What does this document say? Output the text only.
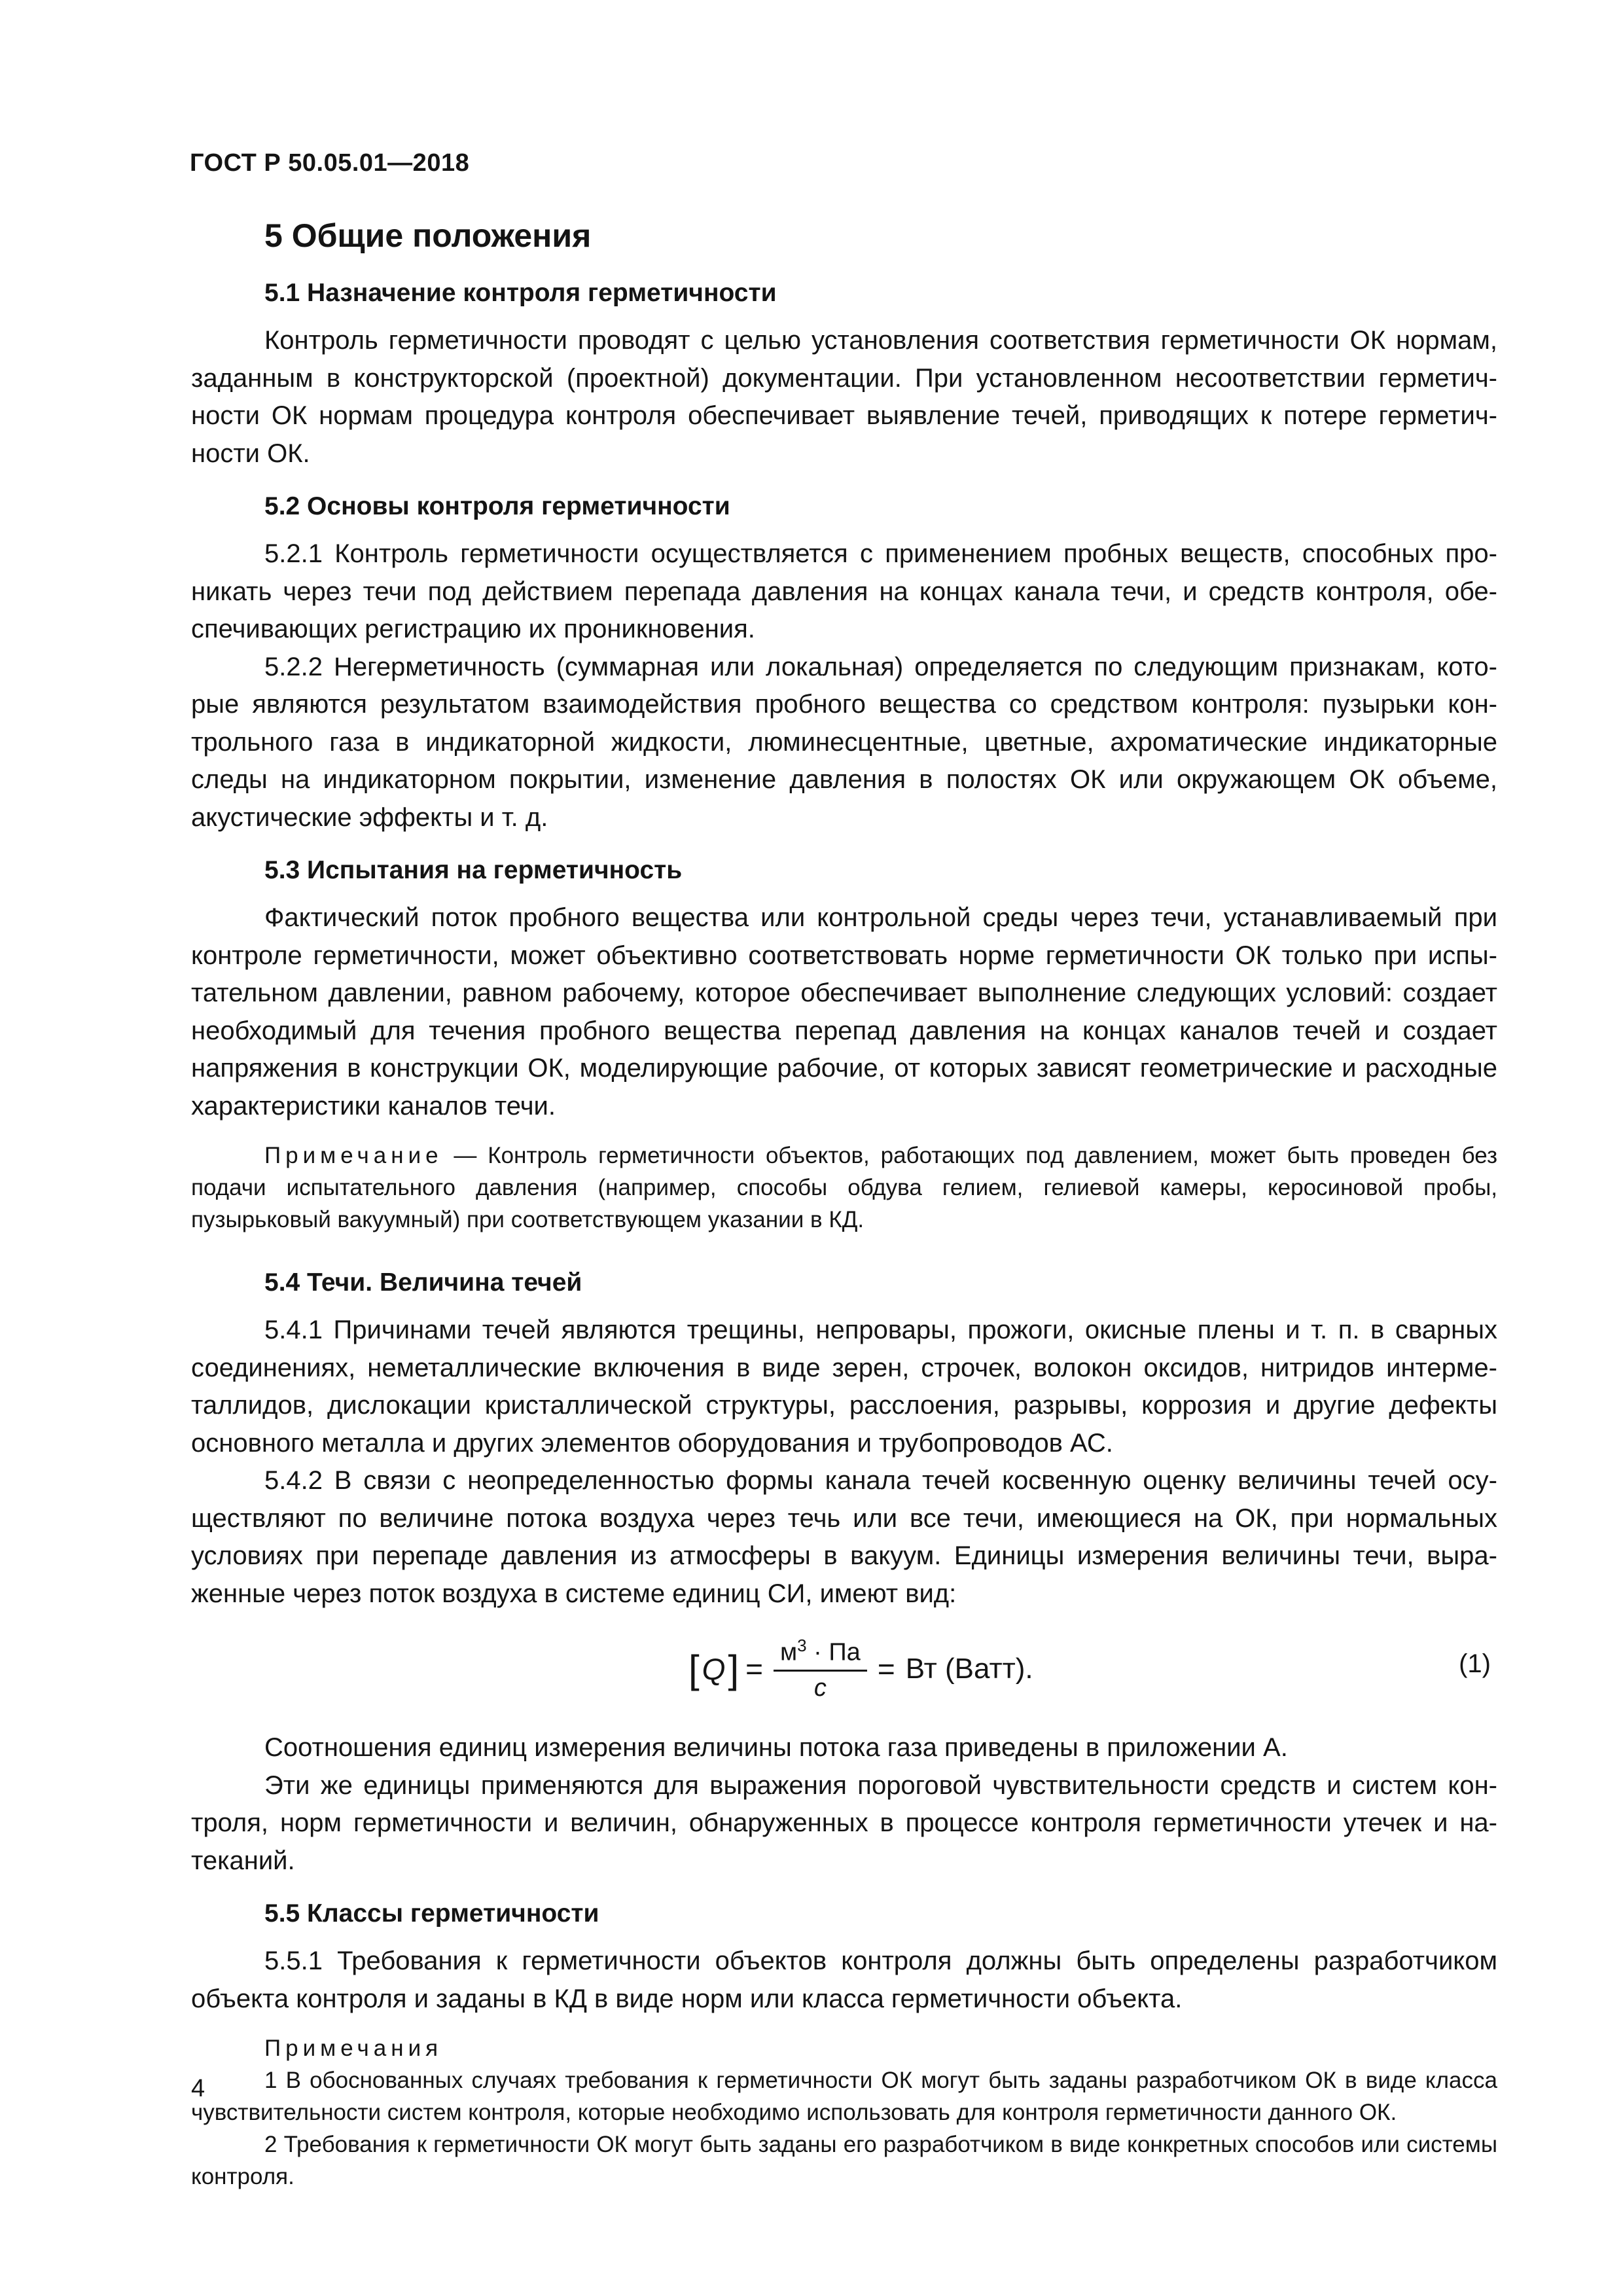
ГОСТ Р 50.05.01—2018
5 Общие положения
5.1 Назначение контроля герметичности

Контроль герметичности проводят с целью установления соответствия герметичности ОК нормам, заданным в конструкторской (проектной) документации. При установленном несоответствии герметичности ОК нормам процедура контроля обеспечивает выявление течей, приводящих к потере герметичности ОК.

5.2 Основы контроля герметичности

5.2.1 Контроль герметичности осуществляется с применением пробных веществ, способных проникать через течи под действием перепада давления на концах канала течи, и средств контроля, обеспечивающих регистрацию их проникновения.

5.2.2 Негерметичность (суммарная или локальная) определяется по следующим признакам, которые являются результатом взаимодействия пробного вещества со средством контроля: пузырьки контрольного газа в индикаторной жидкости, люминесцентные, цветные, ахроматические индикаторные следы на индикаторном покрытии, изменение давления в полостях ОК или окружающем ОК объеме, акустические эффекты и т. д.

5.3 Испытания на герметичность

Фактический поток пробного вещества или контрольной среды через течи, устанавливаемый при контроле герметичности, может объективно соответствовать норме герметичности ОК только при испытательном давлении, равном рабочему, которое обеспечивает выполнение следующих условий: создает необходимый для течения пробного вещества перепад давления на концах каналов течей и создает напряжения в конструкции ОК, моделирующие рабочие, от которых зависят геометрические и расходные характеристики каналов течи.

Примечание — Контроль герметичности объектов, работающих под давлением, может быть проведен без подачи испытательного давления (например, способы обдува гелием, гелиевой камеры, керосиновой пробы, пузырьковый вакуумный) при соответствующем указании в КД.

5.4 Течи. Величина течей

5.4.1 Причинами течей являются трещины, непровары, прожоги, окисные плены и т. п. в сварных соединениях, неметаллические включения в виде зерен, строчек, волокон оксидов, нитридов интерметаллидов, дислокации кристаллической структуры, расслоения, разрывы, коррозия и другие дефекты основного металла и других элементов оборудования и трубопроводов АС.

5.4.2 В связи с неопределенностью формы канала течей косвенную оценку величины течей осуществляют по величине потока воздуха через течь или все течи, имеющиеся на ОК, при нормальных условиях при перепаде давления из атмосферы в вакуум. Единицы измерения величины течи, выраженные через поток воздуха в системе единиц СИ, имеют вид:

[ Q ] = $\frac{м^3 \cdot Па}{с}$ = Вт (Ватт).	(1)

Соотношения единиц измерения величины потока газа приведены в приложении А.

Эти же единицы применяются для выражения пороговой чувствительности средств и систем контроля, норм герметичности и величин, обнаруженных в процессе контроля герметичности утечек и натеканий.

5.5 Классы герметичности

5.5.1 Требования к герметичности объектов контроля должны быть определены разработчиком объекта контроля и заданы в КД в виде норм или класса герметичности объекта.

Примечания

1 В обоснованных случаях требования к герметичности ОК могут быть заданы разработчиком ОК в виде класса чувствительности систем контроля, которые необходимо использовать для контроля герметичности данного ОК.

2 Требования к герметичности ОК могут быть заданы его разработчиком в виде конкретных способов или системы контроля.

4
